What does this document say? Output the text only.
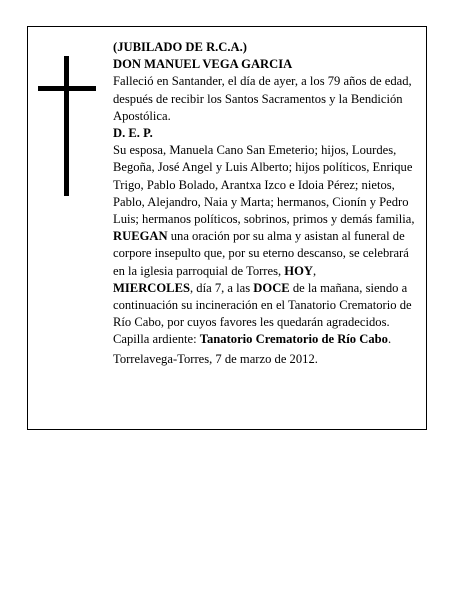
(JUBILADO DE R.C.A.)

DON MANUEL VEGA GARCIA

Falleció en Santander, el día de ayer, a los 79 años de edad,

después de recibir los Santos Sacramentos y la Bendición Apostólica.

D. E. P.

Su esposa, Manuela Cano San Emeterio; hijos, Lourdes, Begoña, José Angel y Luis Alberto; hijos políticos, Enrique Trigo, Pablo Bolado, Arantxa Izco e Idoia Pérez; nietos, Pablo, Alejandro, Naia y Marta; hermanos, Cionín y Pedro Luis; hermanos políticos, sobrinos, primos y demás familia,

RUEGAN una oración por su alma y asistan al funeral de corpore insepulto que, por su eterno descanso, se celebrará en la iglesia parroquial de Torres, HOY,
MIERCOLES, día 7, a las DOCE de la mañana, siendo a continuación su incineración en el Tanatorio Crematorio de Río Cabo, por cuyos favores les quedarán agradecidos.

Capilla ardiente: Tanatorio Crematorio de Río Cabo.

Torrelavega-Torres, 7 de marzo de 2012.
